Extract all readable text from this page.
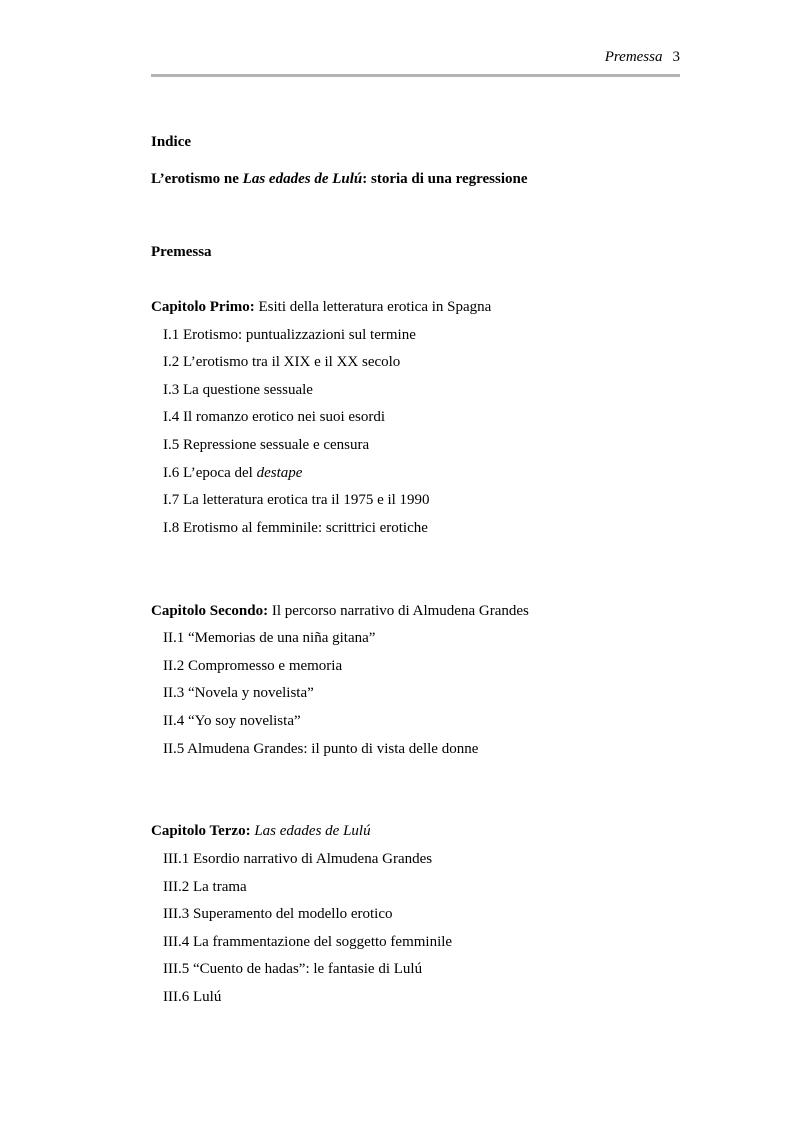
Premessa 3
Indice
L’erotismo ne Las edades de Lulú: storia di una regressione
Premessa
Capitolo Primo: Esiti della letteratura erotica in Spagna
I.1 Erotismo: puntualizzazioni sul termine
I.2 L’erotismo tra il XIX e il XX secolo
I.3 La questione sessuale
I.4 Il romanzo erotico nei suoi esordi
I.5 Repressione sessuale e censura
I.6 L’epoca del destape
I.7 La letteratura erotica tra il 1975 e il 1990
I.8 Erotismo al femminile: scrittrici erotiche
Capitolo Secondo: Il percorso narrativo di Almudena Grandes
II.1 “Memorias de una niña gitana”
II.2 Compromesso e memoria
II.3 “Novela y novelista”
II.4 “Yo soy novelista”
II.5 Almudena Grandes: il punto di vista delle donne
Capitolo Terzo: Las edades de Lulú
III.1 Esordio narrativo di Almudena Grandes
III.2 La trama
III.3 Superamento del modello erotico
III.4 La frammentazione del soggetto femminile
III.5 “Cuento de hadas”: le fantasie di Lulú
III.6 Lulú
